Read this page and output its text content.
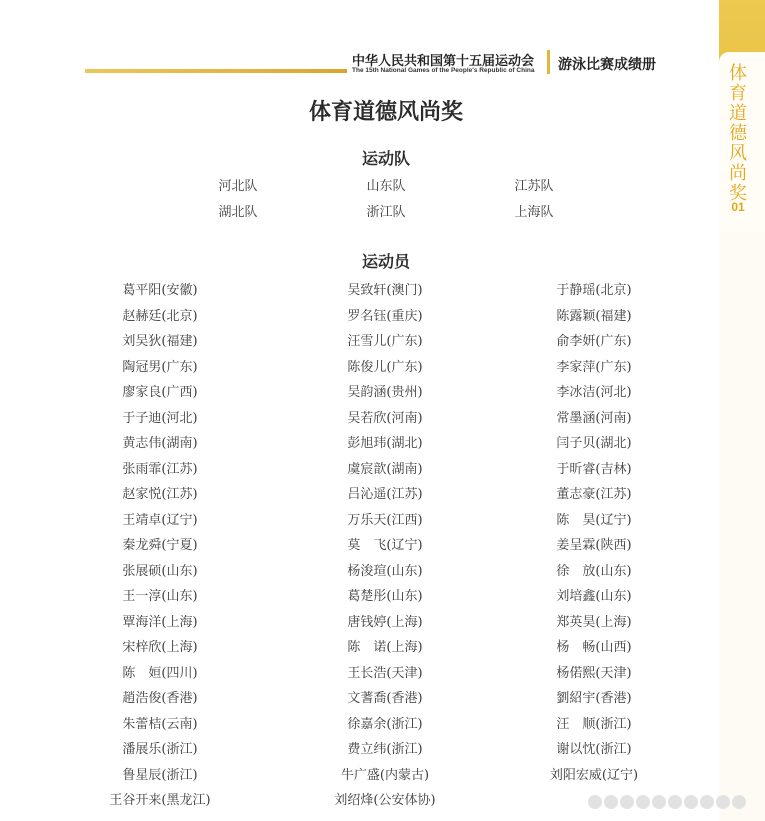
中华人民共和国第十五届运动会
The 15th National Games of the People's Republic of China 游泳比赛成绩册	体
育
道
德
风
尚
奖
01
体育道德风尚奖
运动队
运动员
河北队	山东队	江苏队
湖北队	浙江队	上海队
葛平阳(安徽)	吴致轩(澳门)	于静瑶(北京)
赵赫廷(北京)	罗名钰(重庆)	陈露颖(福建)
刘吴狄(福建)	汪雪儿(广东)	俞李妍(广东)
陶冠男(广东)	陈俊儿(广东)	李家萍(广东)
廖家良(广西)	吴韵涵(贵州)	李冰洁(河北)
于子迪(河北)	吴若欣(河南)	常墨涵(河南)
黄志伟(湖南)	彭旭玮(湖北)	闫子贝(湖北)
张雨霏(江苏)	虞宸歆(湖南)	于昕睿(吉林)
赵家悦(江苏)	吕沁遥(江苏)	董志豪(江苏)
王靖卓(辽宁)	万乐天(江西)	陈　昊(辽宁)
秦龙舜(宁夏)	莫　飞(辽宁)	姜呈霖(陕西)
张展硕(山东)	杨浚瑄(山东)	徐　放(山东)
王一淳(山东)	葛楚彤(山东)	刘培鑫(山东)
覃海洋(上海)	唐钱婷(上海)	郑英昊(上海)
宋梓欣(上海)	陈　诺(上海)	杨　畅(山西)
陈　姮(四川)	王长浩(天津)	杨偌熙(天津)
趙浩俊(香港)	文蓍喬(香港)	劉紹宇(香港)
朱蕾桔(云南)	徐嘉余(浙江)	汪　顺(浙江)
潘展乐(浙江)	费立纬(浙江)	谢以忱(浙江)
鲁星辰(浙江)	牛广盛(内蒙古)	刘阳宏威(辽宁)
王谷开来(黑龙江)	刘绍烽(公安体协)
